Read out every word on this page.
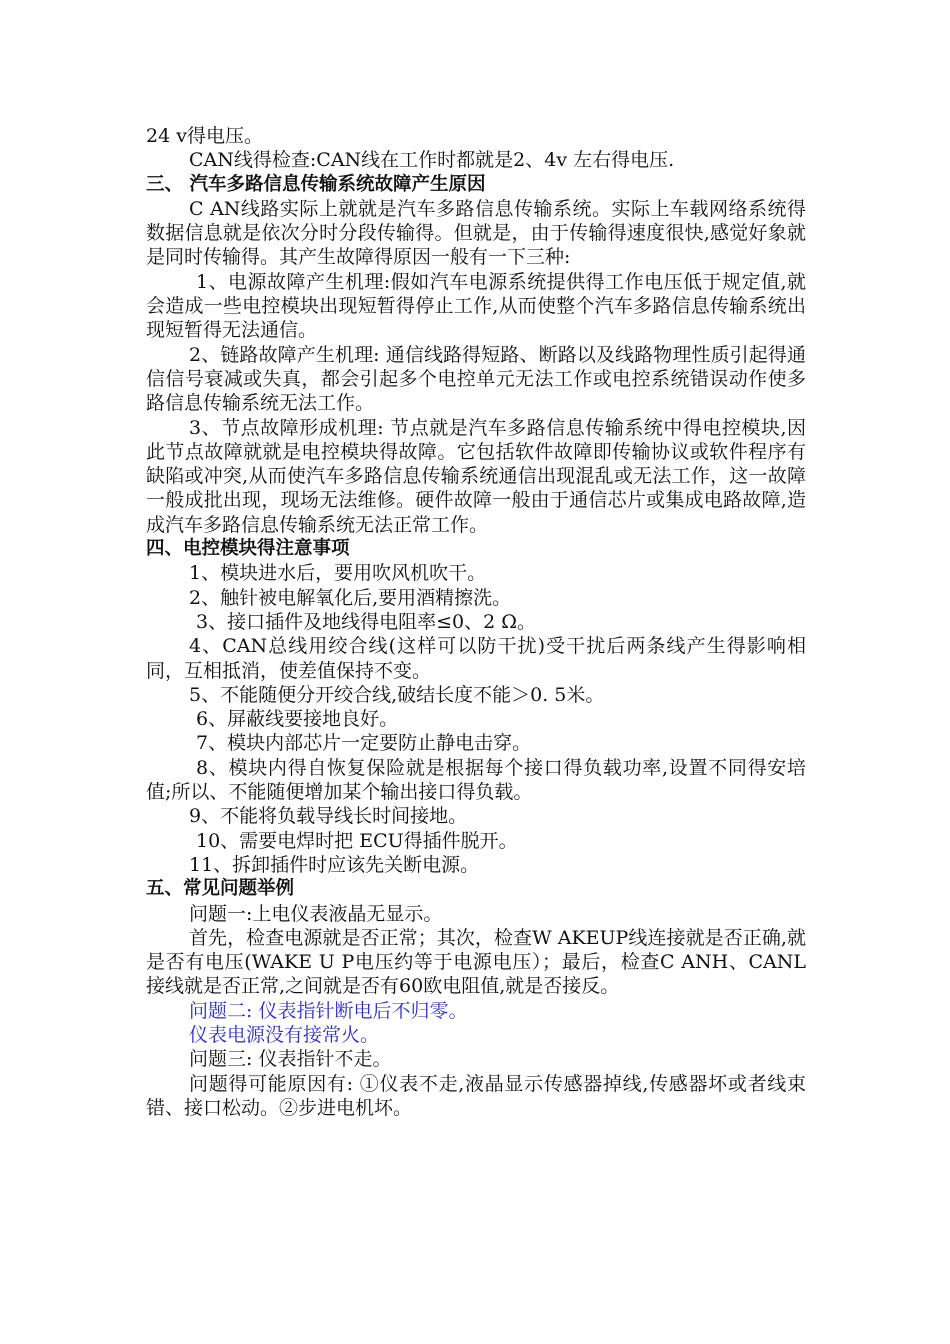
24 v得电压。

CAN线得检查:CAN线在工作时都就是2、4v 左右得电压.

三、 汽车多路信息传输系统故障产生原因

C AN线路实际上就就是汽车多路信息传输系统。实际上车载网络系统得数据信息就是依次分时分段传输得。但就是，由于传输得速度很快,感觉好象就是同时传输得。其产生故障得原因一般有一下三种:

1、电源故障产生机理:假如汽车电源系统提供得工作电压低于规定值,就会造成一些电控模块出现短暂得停止工作,从而使整个汽车多路信息传输系统出现短暂得无法通信。

2、链路故障产生机理: 通信线路得短路、断路以及线路物理性质引起得通信信号衰减或失真，都会引起多个电控单元无法工作或电控系统错误动作使多路信息传输系统无法工作。

3、节点故障形成机理: 节点就是汽车多路信息传输系统中得电控模块,因此节点故障就就是电控模块得故障。它包括软件故障即传输协议或软件程序有缺陷或冲突,从而使汽车多路信息传输系统通信出现混乱或无法工作，这一故障一般成批出现，现场无法维修。硬件故障一般由于通信芯片或集成电路故障,造成汽车多路信息传输系统无法正常工作。

四、电控模块得注意事项

1、模块进水后，要用吹风机吹干。

2、触针被电解氧化后,要用酒精擦洗。

3、接口插件及地线得电阻率≤0、2 Ω。

4、CAN总线用绞合线(这样可以防干扰)受干扰后两条线产生得影响相同，互相抵消，使差值保持不变。

5、不能随便分开绞合线,破结长度不能＞0. 5米。

6、屏蔽线要接地良好。

7、模块内部芯片一定要防止静电击穿。

8、模块内得自恢复保险就是根据每个接口得负载功率,设置不同得安培值;所以、不能随便增加某个输出接口得负载。

9、不能将负载导线长时间接地。

10、需要电焊时把 ECU得插件脱开。

11、拆卸插件时应该先关断电源。

五、常见问题举例

问题一:上电仪表液晶无显示。

首先，检查电源就是否正常；其次，检查W AKEUP线连接就是否正确,就是否有电压(WAKE U P电压约等于电源电压）；最后，检查C ANH、CANL接线就是否正常,之间就是否有60欧电阻值,就是否接反。

问题二: 仪表指针断电后不归零。

仪表电源没有接常火。

问题三: 仪表指针不走。

问题得可能原因有: ①仪表不走,液晶显示传感器掉线,传感器坏或者线束错、接口松动。②步进电机坏。
